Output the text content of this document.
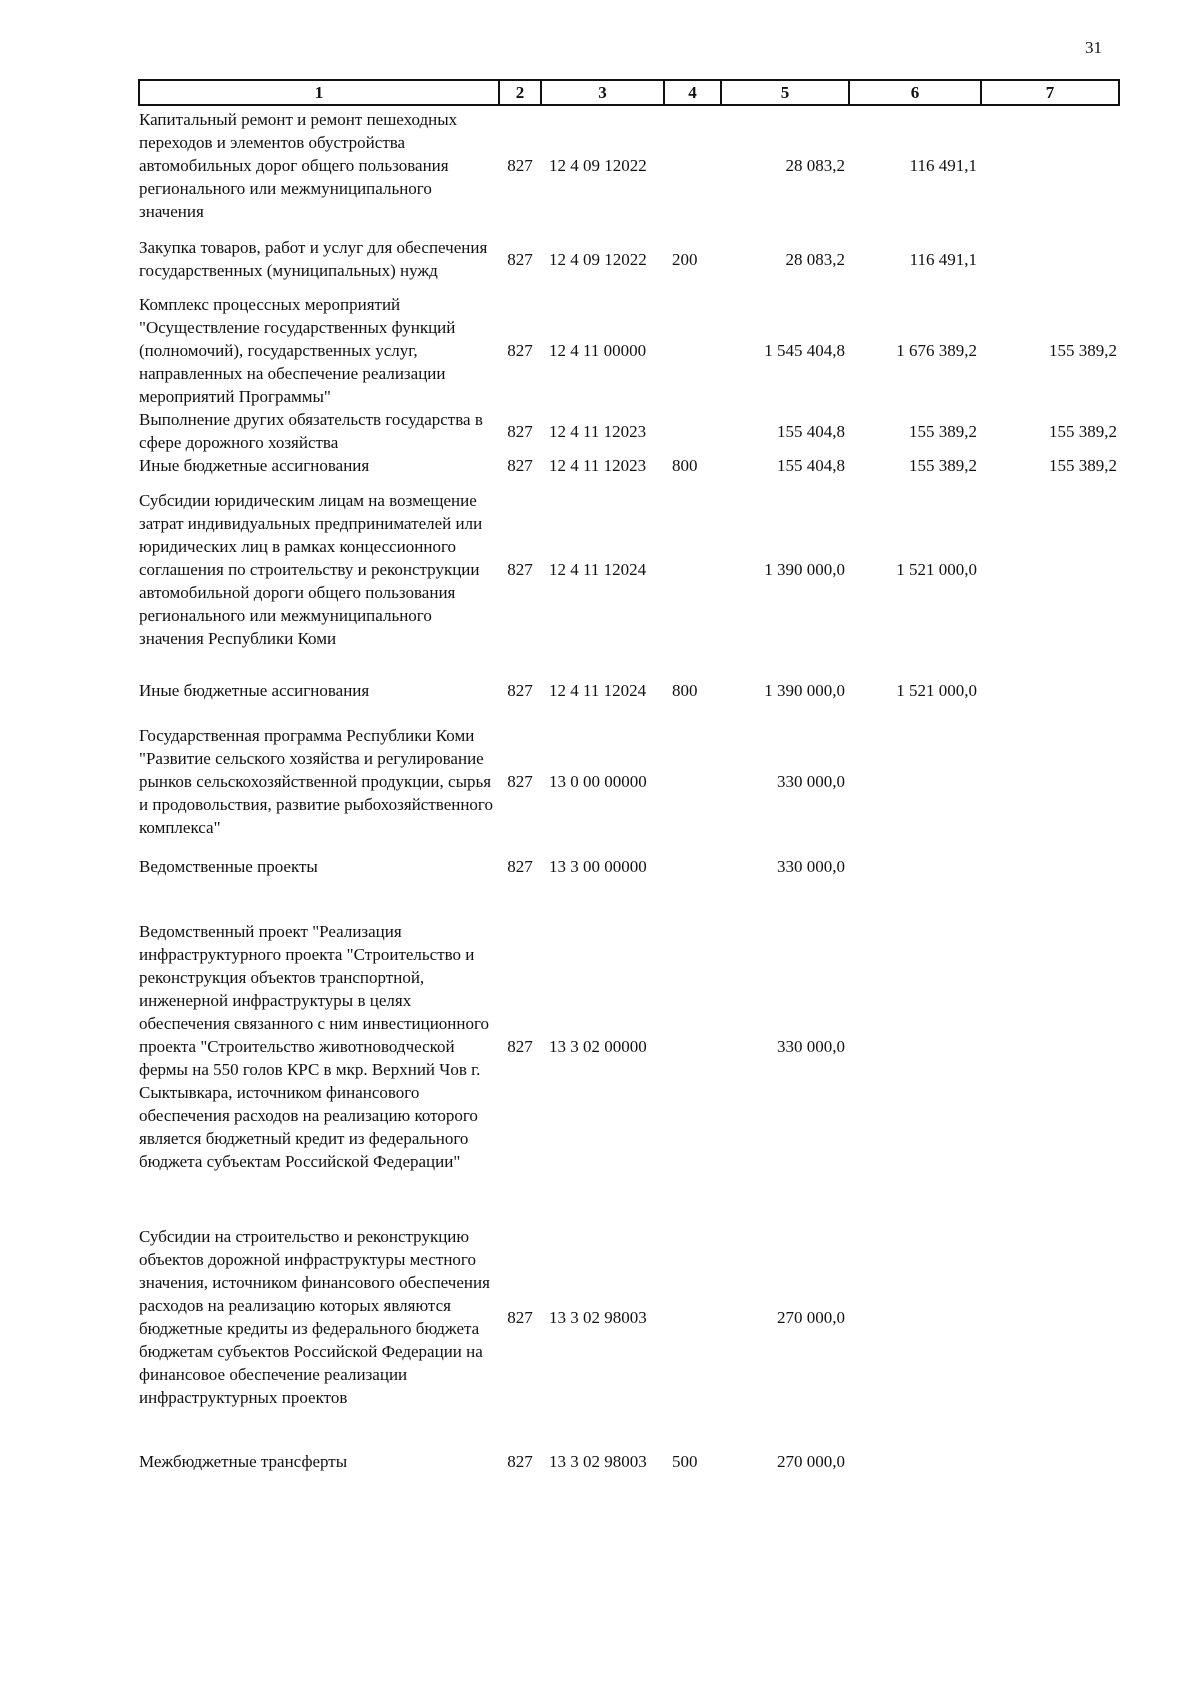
31
1	2	3	4	5	6	7
Капитальный ремонт и ремонт пешеходных переходов и элементов обустройства автомобильных дорог общего пользования регионального или межмуниципального значения	827	12 4 09 12022		28 083,2	116 491,1	
Закупка товаров, работ и услуг для обеспечения государственных (муниципальных) нужд	827	12 4 09 12022	200	28 083,2	116 491,1	
Комплекс процессных мероприятий "Осуществление государственных функций (полномочий), государственных услуг, направленных на обеспечение реализации мероприятий Программы"	827	12 4 11 00000		1 545 404,8	1 676 389,2	155 389,2
Выполнение других обязательств государства в сфере дорожного хозяйства	827	12 4 11 12023		155 404,8	155 389,2	155 389,2
Иные бюджетные ассигнования	827	12 4 11 12023	800	155 404,8	155 389,2	155 389,2
Субсидии юридическим лицам на возмещение затрат индивидуальных предпринимателей или юридических лиц в рамках концессионного соглашения по строительству и реконструкции автомобильной дороги общего пользования регионального или межмуниципального значения Республики Коми	827	12 4 11 12024		1 390 000,0	1 521 000,0	
Иные бюджетные ассигнования	827	12 4 11 12024	800	1 390 000,0	1 521 000,0	
Государственная программа Республики Коми "Развитие сельского хозяйства и регулирование рынков сельскохозяйственной продукции, сырья и продовольствия, развитие рыбохозяйственного комплекса"	827	13 0 00 00000		330 000,0		
Ведомственные проекты	827	13 3 00 00000		330 000,0		
Ведомственный проект "Реализация инфраструктурного проекта "Строительство и реконструкция объектов транспортной, инженерной инфраструктуры в целях обеспечения связанного с ним инвестиционного проекта "Строительство животноводческой фермы на 550 голов КРС в мкр. Верхний Чов г. Сыктывкара, источником финансового обеспечения расходов на реализацию которого является бюджетный кредит из федерального бюджета субъектам Российской Федерации"	827	13 3 02 00000		330 000,0		
Субсидии на строительство и реконструкцию объектов дорожной инфраструктуры местного значения, источником финансового обеспечения расходов на реализацию которых являются бюджетные кредиты из федерального бюджета бюджетам субъектов Российской Федерации на финансовое обеспечение реализации инфраструктурных проектов	827	13 3 02 98003		270 000,0		
Межбюджетные трансферты	827	13 3 02 98003	500	270 000,0		
